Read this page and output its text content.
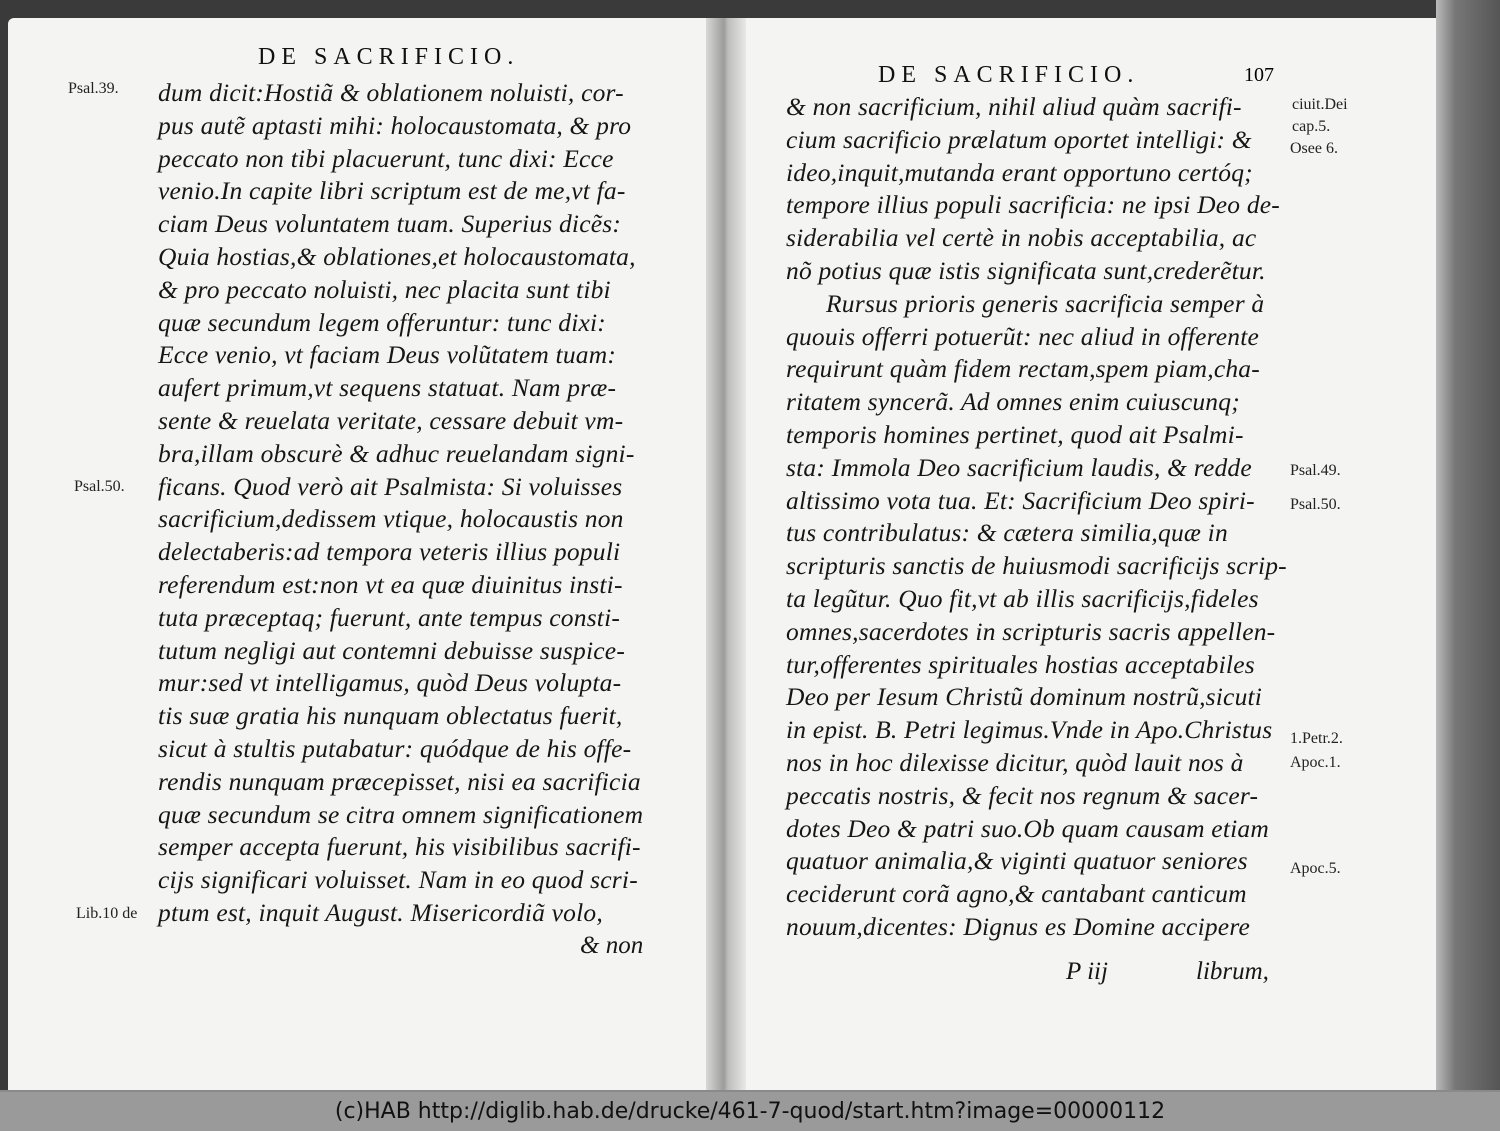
DE SACRIFICIO.
dum dicit:Hostiã & oblationem noluisti, cor-
pus autẽ aptasti mihi: holocaustomata, & pro
peccato non tibi placuerunt, tunc dixi: Ecce
venio.In capite libri scriptum est de me,vt fa-
ciam Deus voluntatem tuam. Superius dicẽs:
Quia hostias,& oblationes,et holocaustomata,
& pro peccato noluisti, nec placita sunt tibi
quæ secundum legem offeruntur: tunc dixi:
Ecce venio, vt faciam Deus volũtatem tuam:
aufert primum,vt sequens statuat. Nam præ-
sente & reuelata veritate, cessare debuit vm-
bra,illam obscurè & adhuc reuelandam signi-
ficans. Quod verò ait Psalmista: Si voluisses
sacrificium,dedissem vtique, holocaustis non
delectaberis:ad tempora veteris illius populi
referendum est:non vt ea quæ diuinitus insti-
tuta præceptaq; fuerunt, ante tempus consti-
tutum negligi aut contemni debuisse suspice-
mur:sed vt intelligamus, quòd Deus volupta-
tis suæ gratia his nunquam oblectatus fuerit,
sicut à stultis putabatur: quódque de his offe-
rendis nunquam præcepisset, nisi ea sacrificia
quæ secundum se citra omnem significationem
semper accepta fuerunt, his visibilibus sacrifi-
cijs significari voluisset. Nam in eo quod scri-
ptum est, inquit August. Misericordiã volo,
Psal.39.
Psal.50.
Lib.10 de
& non
DE SACRIFICIO.	107
& non sacrificium, nihil aliud quàm sacrifi-
cium sacrificio prælatum oportet intelligi: &
ideo,inquit,mutanda erant opportuno certóq;
tempore illius populi sacrificia: ne ipsi Deo de-
siderabilia vel certè in nobis acceptabilia, ac
nõ potius quæ istis significata sunt,crederẽtur.
Rursus prioris generis sacrificia semper à
quouis offerri potuerũt: nec aliud in offerente
requirunt quàm fidem rectam,spem piam,cha-
ritatem syncerã. Ad omnes enim cuiuscunq;
temporis homines pertinet, quod ait Psalmi-
sta: Immola Deo sacrificium laudis, & redde
altissimo vota tua. Et: Sacrificium Deo spiri-
tus contribulatus: & cætera similia,quæ in
scripturis sanctis de huiusmodi sacrificijs scrip-
ta legũtur. Quo fit,vt ab illis sacrificijs,fideles
omnes,sacerdotes in scripturis sacris appellen-
tur,offerentes spirituales hostias acceptabiles
Deo per Iesum Christũ dominum nostrũ,sicuti
in epist. B. Petri legimus.Vnde in Apo.Christus
nos in hoc dilexisse dicitur, quòd lauit nos à
peccatis nostris, & fecit nos regnum & sacer-
dotes Deo & patri suo.Ob quam causam etiam
quatuor animalia,& viginti quatuor seniores
ceciderunt corã agno,& cantabant canticum
nouum,dicentes: Dignus es Domine accipere
ciuit.Dei
cap.5.
Osee 6.
Psal.49.
Psal.50.
1.Petr.2.
Apoc.1.
Apoc.5.
P iij	librum,
(c)HAB http://diglib.hab.de/drucke/461-7-quod/start.htm?image=00000112
